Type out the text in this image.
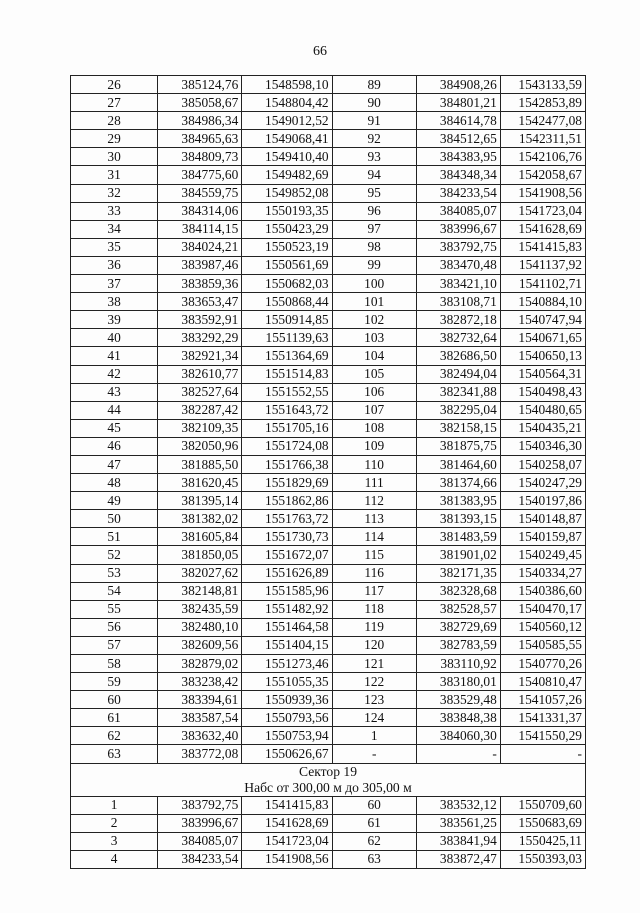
66
26	385124,76	1548598,10	89	384908,26	1543133,59
27	385058,67	1548804,42	90	384801,21	1542853,89
28	384986,34	1549012,52	91	384614,78	1542477,08
29	384965,63	1549068,41	92	384512,65	1542311,51
30	384809,73	1549410,40	93	384383,95	1542106,76
31	384775,60	1549482,69	94	384348,34	1542058,67
32	384559,75	1549852,08	95	384233,54	1541908,56
33	384314,06	1550193,35	96	384085,07	1541723,04
34	384114,15	1550423,29	97	383996,67	1541628,69
35	384024,21	1550523,19	98	383792,75	1541415,83
36	383987,46	1550561,69	99	383470,48	1541137,92
37	383859,36	1550682,03	100	383421,10	1541102,71
38	383653,47	1550868,44	101	383108,71	1540884,10
39	383592,91	1550914,85	102	382872,18	1540747,94
40	383292,29	1551139,63	103	382732,64	1540671,65
41	382921,34	1551364,69	104	382686,50	1540650,13
42	382610,77	1551514,83	105	382494,04	1540564,31
43	382527,64	1551552,55	106	382341,88	1540498,43
44	382287,42	1551643,72	107	382295,04	1540480,65
45	382109,35	1551705,16	108	382158,15	1540435,21
46	382050,96	1551724,08	109	381875,75	1540346,30
47	381885,50	1551766,38	110	381464,60	1540258,07
48	381620,45	1551829,69	111	381374,66	1540247,29
49	381395,14	1551862,86	112	381383,95	1540197,86
50	381382,02	1551763,72	113	381393,15	1540148,87
51	381605,84	1551730,73	114	381483,59	1540159,87
52	381850,05	1551672,07	115	381901,02	1540249,45
53	382027,62	1551626,89	116	382171,35	1540334,27
54	382148,81	1551585,96	117	382328,68	1540386,60
55	382435,59	1551482,92	118	382528,57	1540470,17
56	382480,10	1551464,58	119	382729,69	1540560,12
57	382609,56	1551404,15	120	382783,59	1540585,55
58	382879,02	1551273,46	121	383110,92	1540770,26
59	383238,42	1551055,35	122	383180,01	1540810,47
60	383394,61	1550939,36	123	383529,48	1541057,26
61	383587,54	1550793,56	124	383848,38	1541331,37
62	383632,40	1550753,94	1	384060,30	1541550,29
63	383772,08	1550626,67	-	-	-

Сектор 19
Набс от 300,00 м до 305,00 м					

1	383792,75	1541415,83	60	383532,12	1550709,60
2	383996,67	1541628,69	61	383561,25	1550683,69
3	384085,07	1541723,04	62	383841,94	1550425,11
4	384233,54	1541908,56	63	383872,47	1550393,03
